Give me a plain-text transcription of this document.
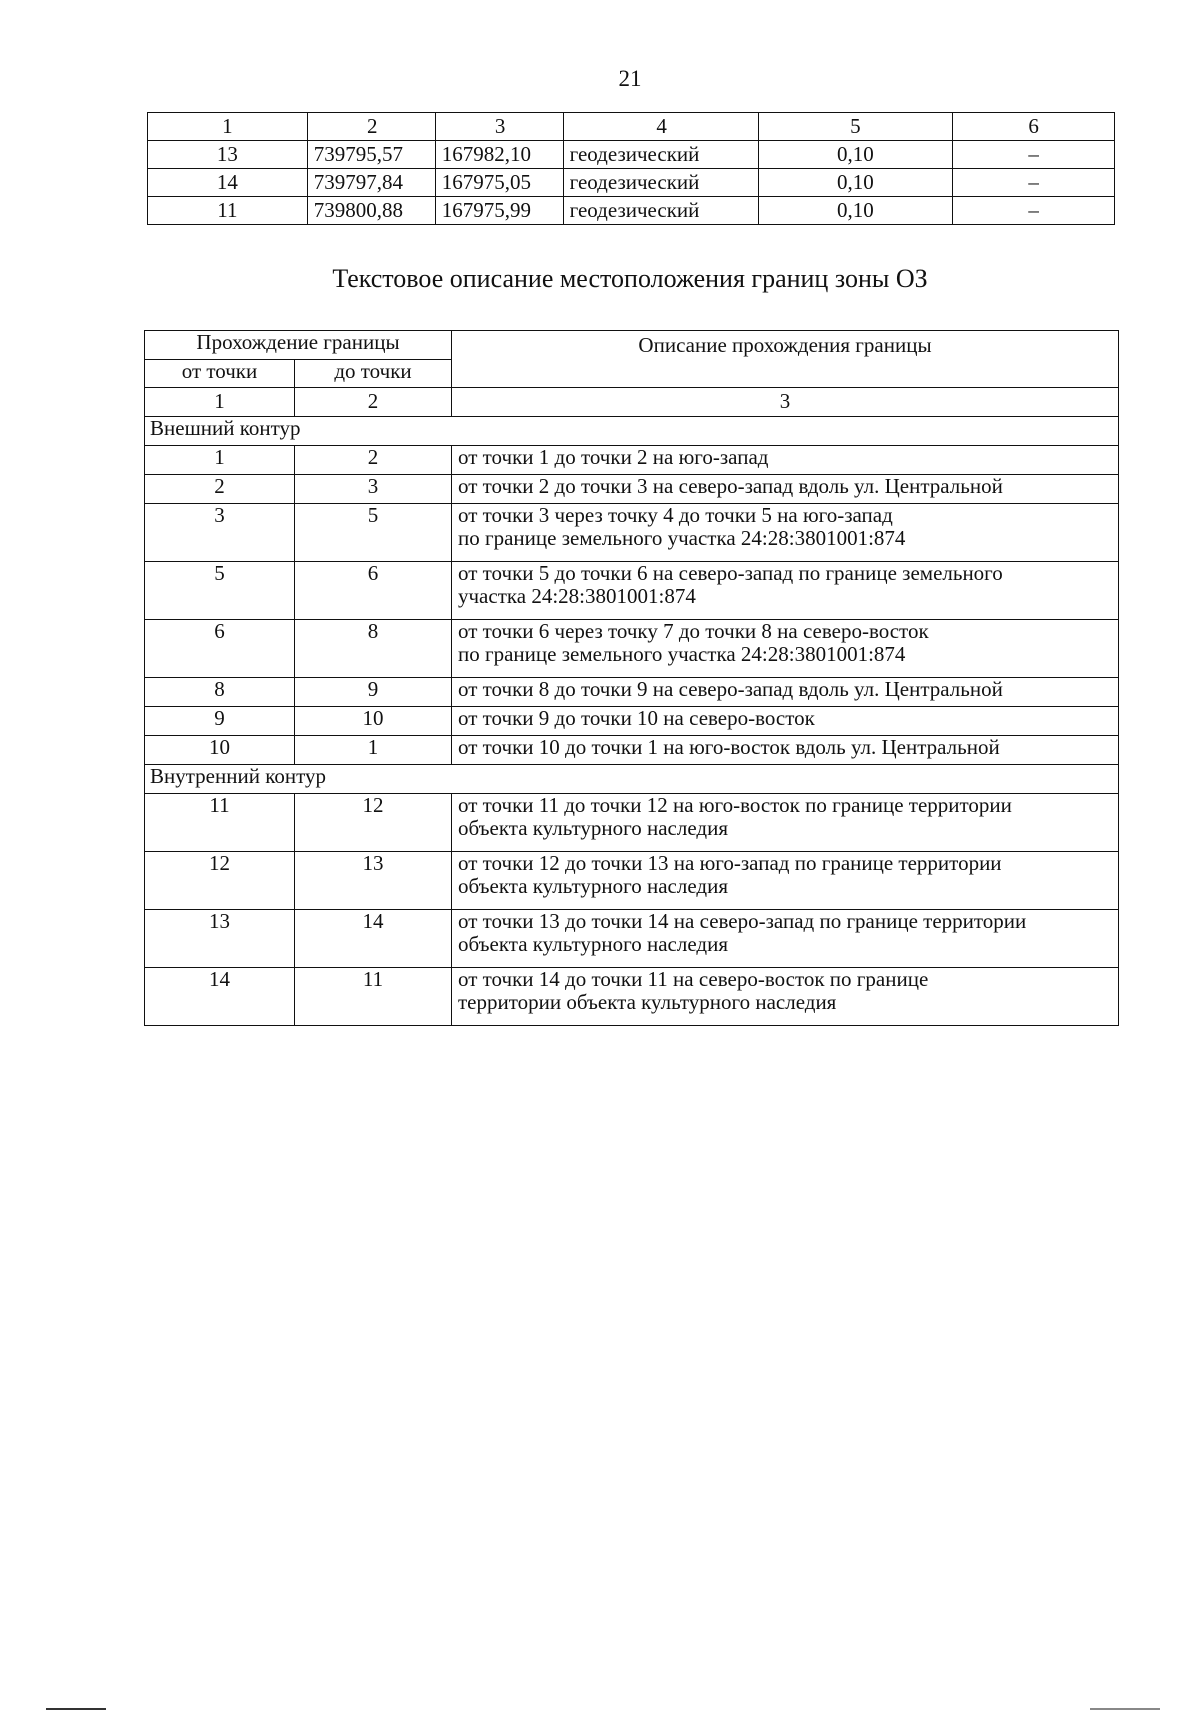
21
1	2	3	4	5	6
13	739795,57	167982,10	геодезический	0,10	–
14	739797,84	167975,05	геодезический	0,10	–
11	739800,88	167975,99	геодезический	0,10	–
Текстовое описание местоположения границ зоны ОЗ
Прохождение границы		Описание прохождения границы
от точки	до точки	
1	2	3
Внешний контур		
1	2	от точки 1 до точки 2 на юго-запад
2	3	от точки 2 до точки 3 на северо-запад вдоль ул. Центральной
3	5	от точки 3 через точку 4 до точки 5 на юго-запад
по границе земельного участка 24:28:3801001:874

5	6	от точки 5 до точки 6 на северо-запад по границе земельного
участка 24:28:3801001:874

6	8	от точки 6 через точку 7 до точки 8 на северо-восток
по границе земельного участка 24:28:3801001:874

8	9	от точки 8 до точки 9 на северо-запад вдоль ул. Центральной
9	10	от точки 9 до точки 10 на северо-восток
10	1	от точки 10 до точки 1 на юго-восток вдоль ул. Центральной
Внутренний контур		
11	12	от точки 11 до точки 12 на юго-восток по границе территории
объекта культурного наследия

12	13	от точки 12 до точки 13 на юго-запад по границе территории
объекта культурного наследия

13	14	от точки 13 до точки 14 на северо-запад по границе территории
объекта культурного наследия

14	11	от точки 14 до точки 11 на северо-восток по границе
территории объекта культурного наследия
